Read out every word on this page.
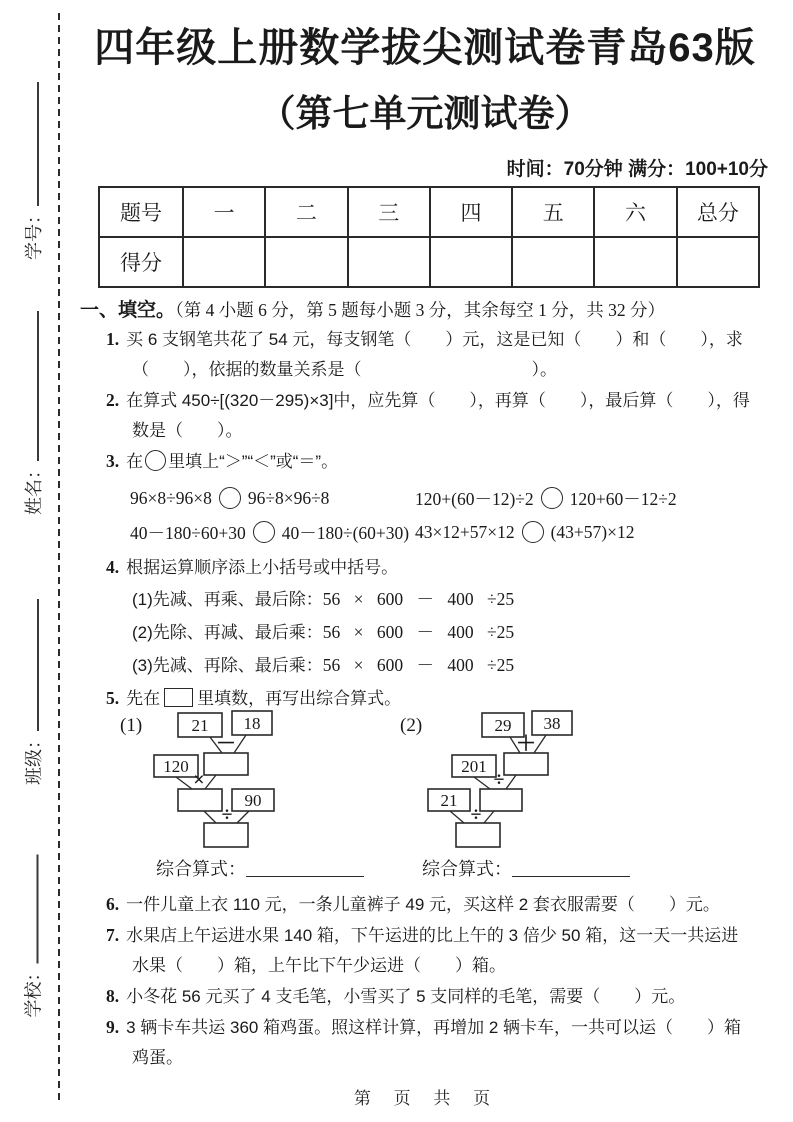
学号：
姓名：
班级：
学校：
四年级上册数学拔尖测试卷青岛63版
（第七单元测试卷）
时间：70分钟 满分：100+10分
题号	一	二	三	四	五	六	总分
得分							
一、填空。（第 4 小题 6 分，第 5 题每小题 3 分，其余每空 1 分，共 32 分）
1. 买 6 支钢笔共花了 54 元，每支钢笔（　　）元，这是已知（　　）和（　　），求
（　　），依据的数量关系是（　　　　　　　　　　）。
2. 在算式 450÷[(320－295)×3]中，应先算（　　），再算（　　），最后算（　　），得
数是（　　）。
3. 在 里填上“＞”“＜”或“＝”。
96×8÷96×8 96÷8×96÷8	120+(60－12)÷2 120+60－12÷2
40－180÷60+30 40－180÷(60+30) 43×12+57×12 (43+57)×12
4. 根据运算顺序添上小括号或中括号。
(1)先减、再乘、最后除：56 × 600 － 400 ÷25
(2)先除、再减、最后乘：56 × 600 － 400 ÷25
(3)先减、再除、最后乘：56 × 600 － 400 ÷25
5. 先在 里填数，再写出综合算式。
(1)	21 18
－
120
×
90
÷
(2)	29 38
＋
201
÷
21
÷
综合算式：	综合算式：
6. 一件儿童上衣 110 元，一条儿童裤子 49 元，买这样 2 套衣服需要（　　）元。
7. 水果店上午运进水果 140 箱，下午运进的比上午的 3 倍少 50 箱，这一天一共运进
水果（　　）箱，上午比下午少运进（　　）箱。
8. 小冬花 56 元买了 4 支毛笔，小雪买了 5 支同样的毛笔，需要（　　）元。
9. 3 辆卡车共运 360 箱鸡蛋。照这样计算，再增加 2 辆卡车，一共可以运（　　）箱
鸡蛋。
第 页 共 页
